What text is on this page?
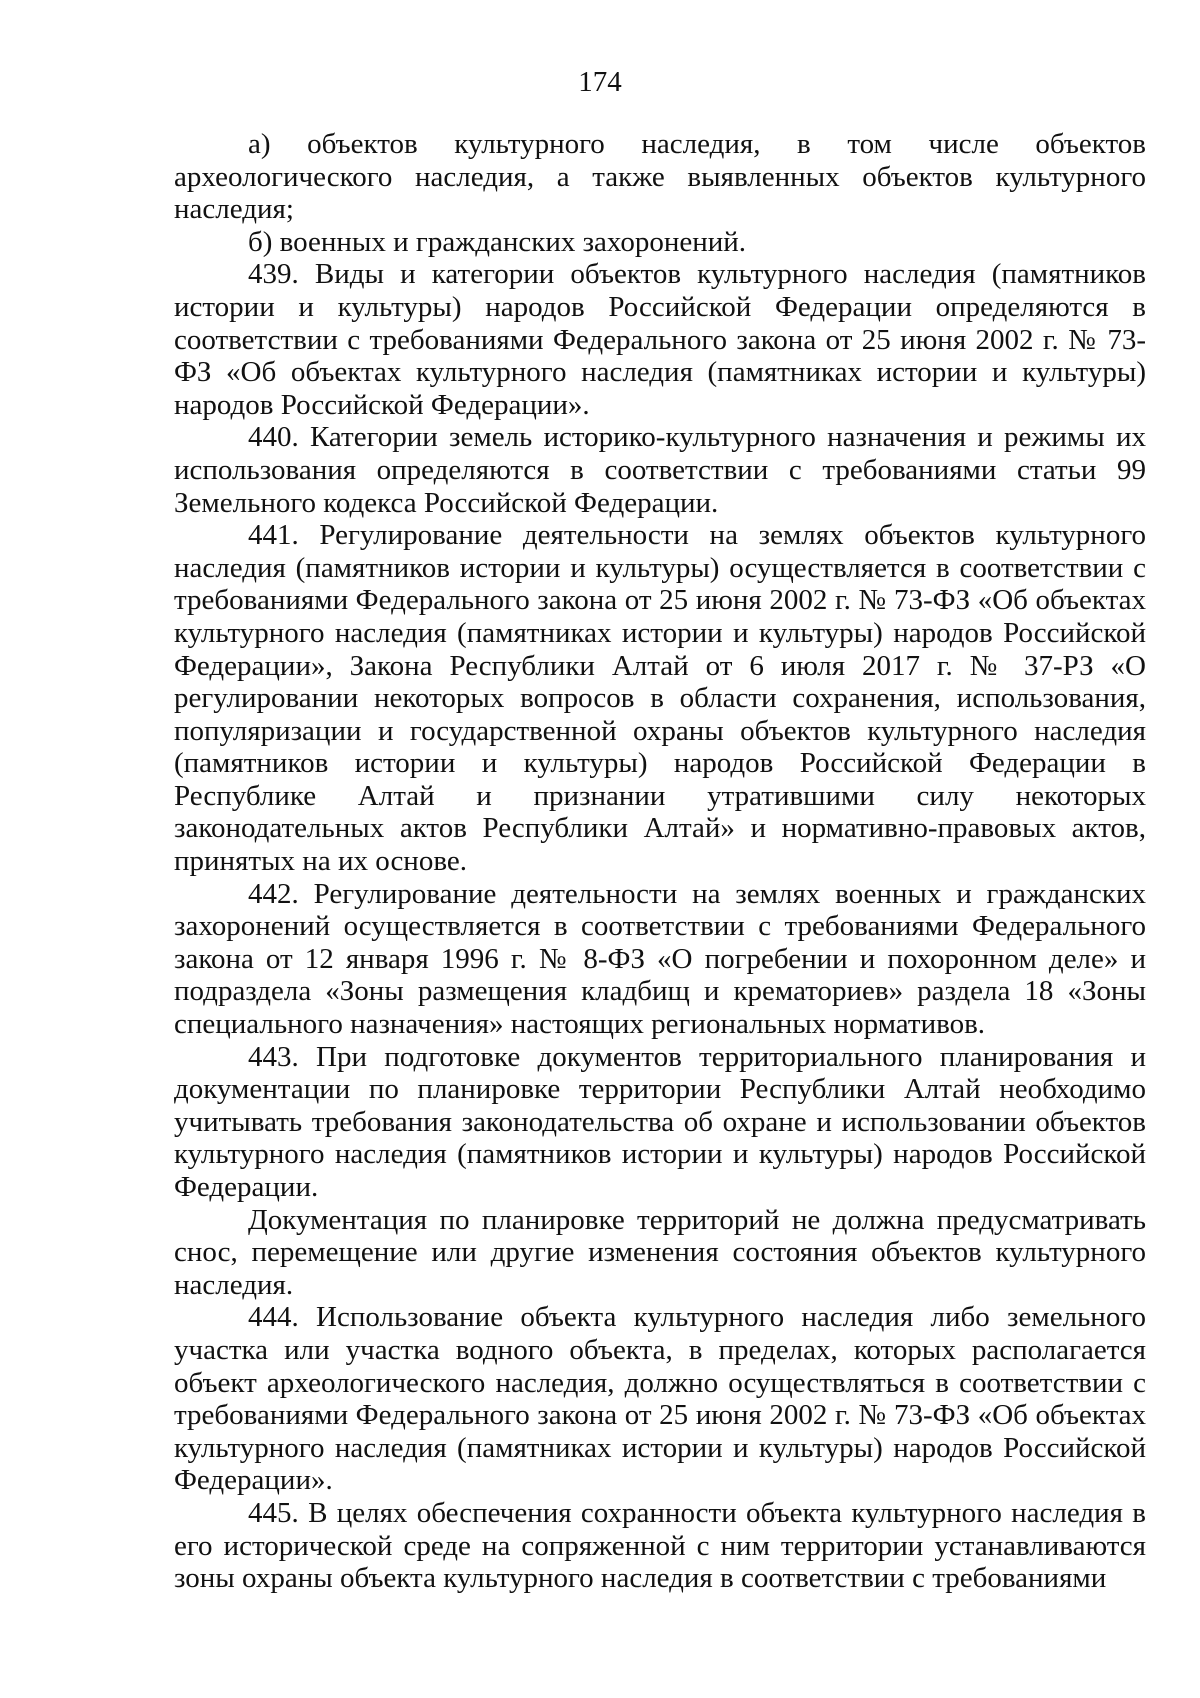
174

а) объектов культурного наследия, в том числе объектов археологического наследия, а также выявленных объектов культурного наследия;

б) военных и гражданских захоронений.

439. Виды и категории объектов культурного наследия (памятников истории и культуры) народов Российской Федерации определяются в соответствии с требованиями Федерального закона от 25 июня 2002 г. № 73-ФЗ «Об объектах культурного наследия (памятниках истории и культуры) народов Российской Федерации».

440. Категории земель историко-культурного назначения и режимы их использования определяются в соответствии с требованиями статьи 99 Земельного кодекса Российской Федерации.

441. Регулирование деятельности на землях объектов культурного наследия (памятников истории и культуры) осуществляется в соответствии с требованиями Федерального закона от 25 июня 2002 г. № 73-ФЗ «Об объектах культурного наследия (памятниках истории и культуры) народов Российской Федерации», Закона Республики Алтай от 6 июля 2017 г. № 37-РЗ «О регулировании некоторых вопросов в области сохранения, использования, популяризации и государственной охраны объектов культурного наследия (памятников истории и культуры) народов Российской Федерации в Республике Алтай и признании утратившими силу некоторых законодательных актов Республики Алтай» и нормативно-правовых актов, принятых на их основе.

442. Регулирование деятельности на землях военных и гражданских захоронений осуществляется в соответствии с требованиями Федерального закона от 12 января 1996 г. № 8-ФЗ «О погребении и похоронном деле» и подраздела «Зоны размещения кладбищ и крематориев» раздела 18 «Зоны специального назначения» настоящих региональных нормативов.

443. При подготовке документов территориального планирования и документации по планировке территории Республики Алтай необходимо учитывать требования законодательства об охране и использовании объектов культурного наследия (памятников истории и культуры) народов Российской Федерации.

Документация по планировке территорий не должна предусматривать снос, перемещение или другие изменения состояния объектов культурного наследия.

444. Использование объекта культурного наследия либо земельного участка или участка водного объекта, в пределах, которых располагается объект археологического наследия, должно осуществляться в соответствии с требованиями Федерального закона от 25 июня 2002 г. № 73-ФЗ «Об объектах культурного наследия (памятниках истории и культуры) народов Российской Федерации».

445. В целях обеспечения сохранности объекта культурного наследия в его исторической среде на сопряженной с ним территории устанавливаются зоны охраны объекта культурного наследия в соответствии с требованиями
